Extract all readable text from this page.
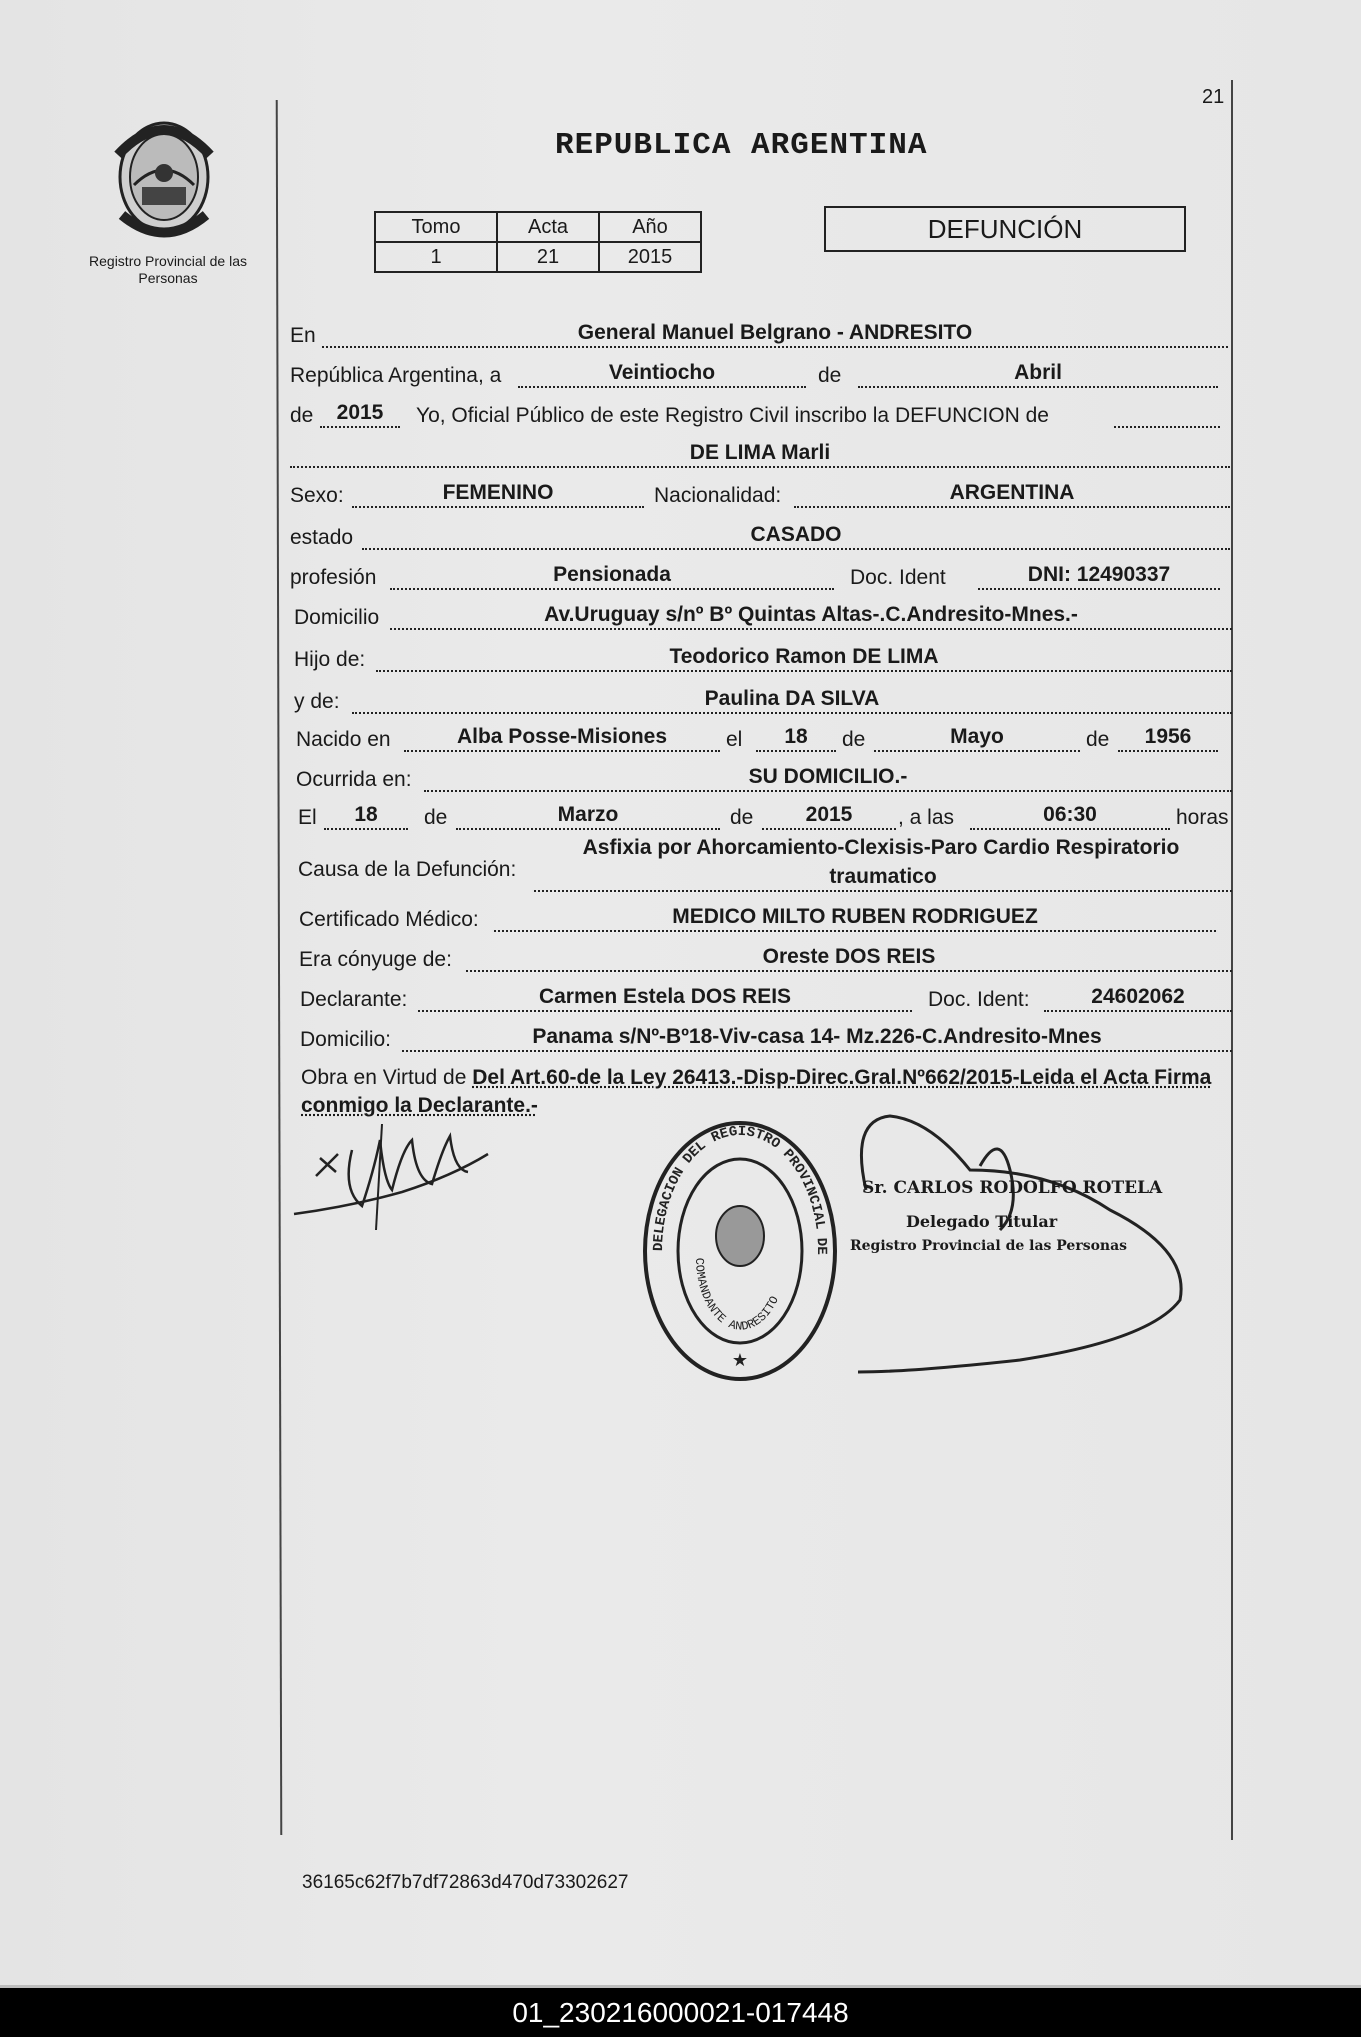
Registro Provincial de las Personas
21
REPUBLICA ARGENTINA
Tomo	Acta	Año
1	21	2015
DEFUNCIÓN
En	General Manuel Belgrano - ANDRESITO
República Argentina, a	Veintiocho	de	Abril
de	2015	Yo, Oficial Público de este Registro Civil inscribo la DEFUNCION de
DE LIMA Marli
Sexo:	FEMENINO	Nacionalidad:	ARGENTINA
estado	CASADO
profesión	Pensionada	Doc. Ident	DNI: 12490337
Domicilio	Av.Uruguay s/nº Bº Quintas Altas-.C.Andresito-Mnes.-
Hijo de:	Teodorico Ramon DE LIMA
y de:	Paulina DA SILVA
Nacido en	Alba Posse-Misiones	el	18	de	Mayo	de	1956
Ocurrida en:	SU DOMICILIO.-
El	18	de	Marzo	de	2015	, a las	06:30	horas
Causa de la Defunción:
Asfixia por Ahorcamiento-Clexisis-Paro Cardio Respiratorio
traumatico
Certificado Médico:	MEDICO MILTO RUBEN RODRIGUEZ
Era cónyuge de:	Oreste DOS REIS
Declarante:	Carmen Estela DOS REIS	Doc. Ident:	24602062
Domicilio:	Panama s/Nº-Bº18-Viv-casa 14- Mz.226-C.Andresito-Mnes
Obra en Virtud de Del Art.60-de la Ley 26413.-Disp-Direc.Gral.Nº662/2015-Leida el Acta Firma conmigo la Declarante.-
DELEGACION DEL REGISTRO PROVINCIAL DE
COMANDANTE ANDRESITO
★
Sr. CARLOS RODOLFO ROTELA
Delegado Titular
Registro Provincial de las Personas
36165c62f7b7df72863d470d73302627
01_230216000021-017448
